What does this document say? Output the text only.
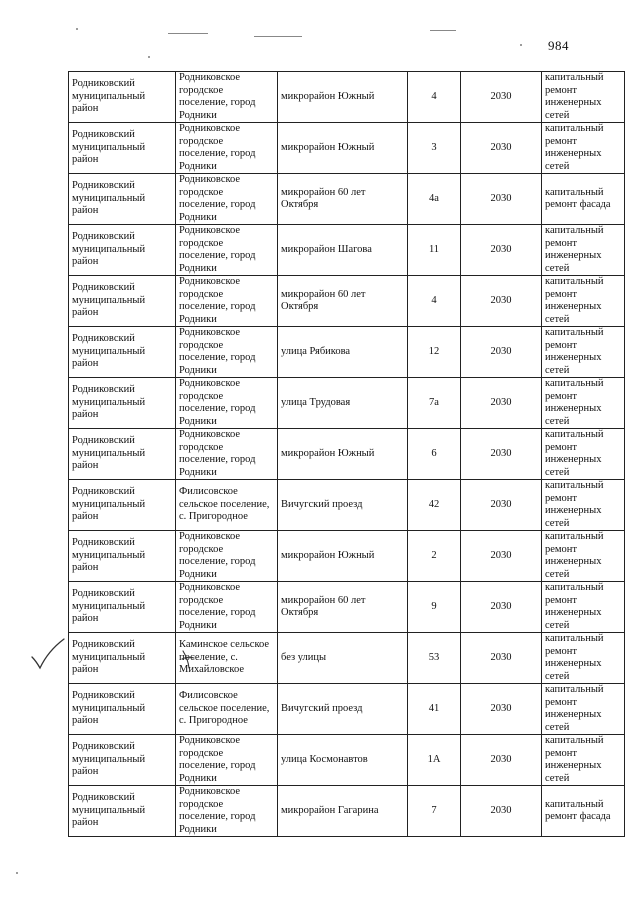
984
Родниковский муниципальный район	Родниковское городское поселение, город Родники	микрорайон Южный	4	2030	капитальный ремонт инженерных сетей
Родниковский муниципальный район	Родниковское городское поселение, город Родники	микрорайон Южный	3	2030	капитальный ремонт инженерных сетей
Родниковский муниципальный район	Родниковское городское поселение, город Родники	микрорайон 60 лет Октября	4а	2030	капитальный ремонт фасада
Родниковский муниципальный район	Родниковское городское поселение, город Родники	микрорайон Шагова	11	2030	капитальный ремонт инженерных сетей
Родниковский муниципальный район	Родниковское городское поселение, город Родники	микрорайон 60 лет Октября	4	2030	капитальный ремонт инженерных сетей
Родниковский муниципальный район	Родниковское городское поселение, город Родники	улица Рябикова	12	2030	капитальный ремонт инженерных сетей
Родниковский муниципальный район	Родниковское городское поселение, город Родники	улица Трудовая	7а	2030	капитальный ремонт инженерных сетей
Родниковский муниципальный район	Родниковское городское поселение, город Родники	микрорайон Южный	6	2030	капитальный ремонт инженерных сетей
Родниковский муниципальный район	Филисовское сельское поселение, с. Пригородное	Вичугский проезд	42	2030	капитальный ремонт инженерных сетей
Родниковский муниципальный район	Родниковское городское поселение, город Родники	микрорайон Южный	2	2030	капитальный ремонт инженерных сетей
Родниковский муниципальный район	Родниковское городское поселение, город Родники	микрорайон 60 лет Октября	9	2030	капитальный ремонт инженерных сетей
Родниковский муниципальный район	Каминское сельское поселение, с. Михайловское	без улицы	53	2030	капитальный ремонт инженерных сетей
Родниковский муниципальный район	Филисовское сельское поселение, с. Пригородное	Вичугский проезд	41	2030	капитальный ремонт инженерных сетей
Родниковский муниципальный район	Родниковское городское поселение, город Родники	улица Космонавтов	1А	2030	капитальный ремонт инженерных сетей
Родниковский муниципальный район	Родниковское городское поселение, город Родники	микрорайон Гагарина	7	2030	капитальный ремонт фасада
